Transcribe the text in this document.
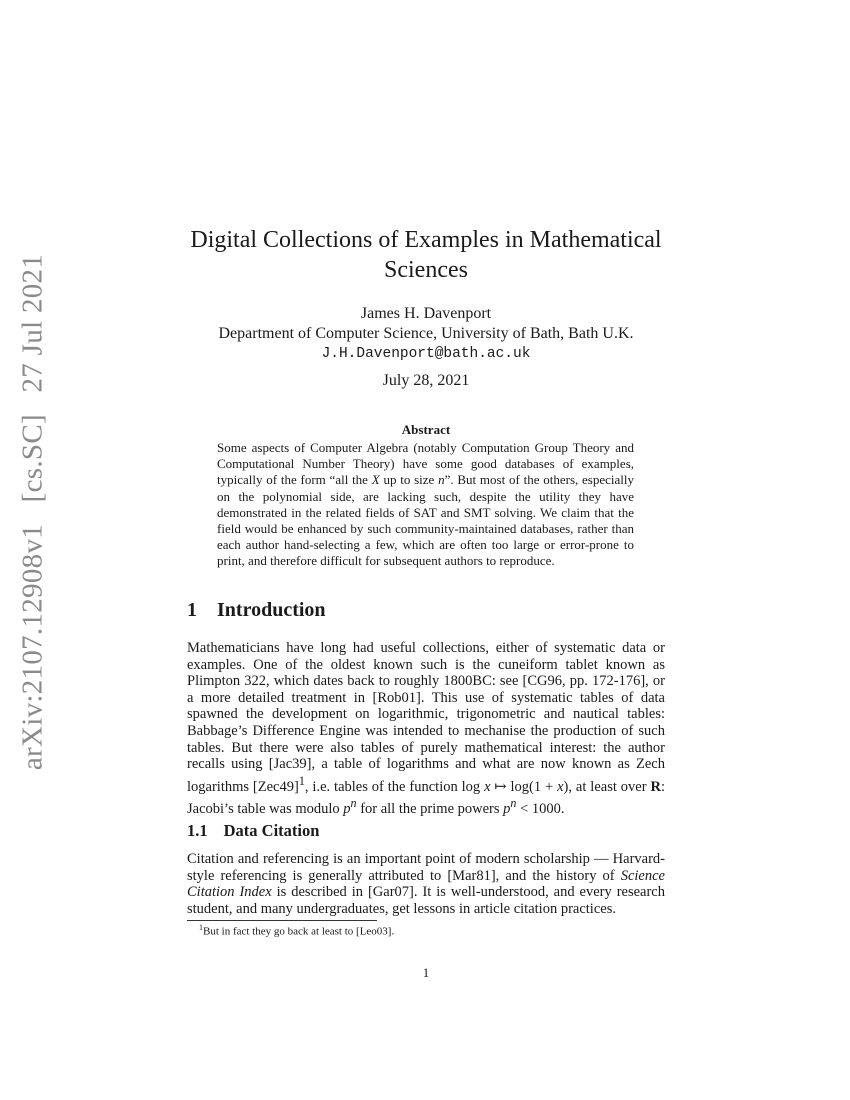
arXiv:2107.12908v1 [cs.SC] 27 Jul 2021
Digital Collections of Examples in Mathematical
Sciences
James H. Davenport
Department of Computer Science, University of Bath, Bath U.K.
J.H.Davenport@bath.ac.uk
July 28, 2021
Abstract
Some aspects of Computer Algebra (notably Computation Group Theory and Computational Number Theory) have some good databases of examples, typically of the form “all the X up to size n”. But most of the others, especially on the polynomial side, are lacking such, despite the utility they have demonstrated in the related fields of SAT and SMT solving. We claim that the field would be enhanced by such community-maintained databases, rather than each author hand-selecting a few, which are often too large or error-prone to print, and therefore difficult for subsequent authors to reproduce.
1 Introduction
Mathematicians have long had useful collections, either of systematic data or examples. One of the oldest known such is the cuneiform tablet known as Plimpton 322, which dates back to roughly 1800BC: see [CG96, pp. 172-176], or a more detailed treatment in [Rob01]. This use of systematic tables of data spawned the development on logarithmic, trigonometric and nautical tables: Babbage’s Difference Engine was intended to mechanise the production of such tables. But there were also tables of purely mathematical interest: the author recalls using [Jac39], a table of logarithms and what are now known as Zech logarithms $[Zec49]^1$, i.e. tables of the function log x ↦ log(1 + x), at least over R: Jacobi’s table was modulo $p^n$ for all the prime powers $p^n < 1000$.
1.1 Data Citation
Citation and referencing is an important point of modern scholarship — Harvard-style referencing is generally attributed to [Mar81], and the history of Science Citation Index is described in [Gar07]. It is well-understood, and every research student, and many undergraduates, get lessons in article citation practices.
$^1$But in fact they go back at least to [Leo03].
1
